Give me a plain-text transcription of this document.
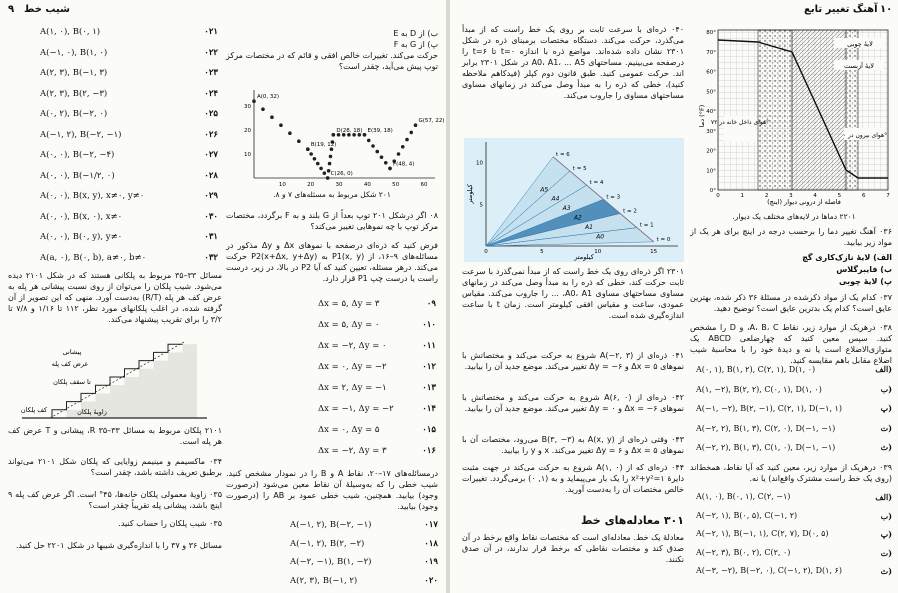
۹ شیب خط
A(۱, ۰), B(۰, ۱)	۰۲۱
A(−۱, ۰), B(۱, ۰)	۰۲۲
A(۲, ۳), B(−۱, ۳)	۰۲۳
A(۲, ۳), B(۲, −۳)	۰۲۴
A(۰, ۲), B(−۲, ۰)	۰۲۵
A(−۱, ۲), B(−۲, −۱)	۰۲۶
A(۰, ۰), B(−۲, −۴)	۰۲۷
A(۰, ۰), B(−۱/۲, ۰)	۰۲۸
A(۰, ۰), B(x, y), x≠۰, y≠۰	۰۲۹
A(۰, ۰), B(x, ۰), x≠۰	۰۳۰
A(۰, ۰), B(۰, y), y≠۰	۰۳۱
A(a, ۰), B(۰, b), a≠۰, b≠۰	۰۳۲
مسائل ۳۳–۳۵ مربوط به پلکانی هستند که در شکل ۲۱۰۱ دیده می‌شود. شیب پلکان را می‌توان از روی نسبت پیشانی هر پله به عرض کف هر پله (R/T) به‌دست آورد. منهی که این تصویر از آن گرفته شده، در اغلب پلکانهای مورد نظر، ۱۱۲ تا ۱/۱۶ و ۷/۸ تا ۳/۲ را برای تقریب پیشنهاد می‌کند.
پیشانی
عرض کف پله
تا سقف پلکان
کف پلکان	زاویهٔ پلکان
۲۱۰۱ پلکان مربوط به مسائل ۳۳–۳۵ R، پیشانی و T عرض کف هر پله است.
۰۳۴ ماکسیمم و مینیمم زوایایی که پلکان شکل ۲۱۰۱ می‌تواند برطبق تعریف داشته باشد، چقدر است؟
۰۳۵ زاویهٔ معمولی پلکان خانه‌ها، ۴۵° است. اگر عرض کف پله ۹ اینچ باشد، پیشانی پله تقریباً چقدر است؟
۰۳۵ شیب پلکان را حساب کنید.
مسائل ۳۶ و ۳۷ را با اندازه‌گیری شیبها در شکل ۲۲۰۱ حل کنید.
ب) از D به E
پ) از G به F
حرکت می‌کند. تغییرات خالص افقی و قائم که در مختصات مرکز توپ پیش می‌آید، چقدر است؟
10	20	30	40	50	60
10
20
30
A(0, 32)
D(28, 18) E(39, 18)
G(57, 22)
B(19, 12)
F(48, 4)
C(26, 0)
۲۰۱ شکل مربوط به مسئله‌های ۷ و ۸.
۰۸ اگر درشکل ۲۰۱ توپ بعداً از G بلند و به F برگردد، مختصات مرکز توپ با چه نموهایی تغییر می‌کند؟
فرض کنید که ذره‌ای درصفحه با نموهای Δx و Δy مذکور در مسائله‌های ۹–۱۶، از P1(x, y) به P2(x+Δx, y+Δy) حرکت می‌کند. درهر مسئله، تعیین کنید که آیا P2 در بالا، در زیر، درست راست یا درست چپ P1 قرار دارد.
Δx = ۵, Δy = ۳	۰۹
Δx = ۵, Δy = ۰	۰۱۰
Δx = −۲, Δy = ۰	۰۱۱
Δx = ۰, Δy = −۲	۰۱۲
Δx = ۲, Δy = −۱	۰۱۳
Δx = −۱, Δy = −۲	۰۱۴
Δx = ۰, Δy = ۵	۰۱۵
Δx = −۲, Δy = ۳	۰۱۶
درمسائله‌های ۱۷–۲۰، نقاط A و B را در نمودار مشخص کنید. شیب خطی را که به‌وسیلهٔ آن نقاط معین می‌شود (درصورت وجود) بیابید. همچنین، شیب خطی عمود بر AB را (درصورت وجود) بیابید.
A(−۱, ۲), B(−۲, −۱)	۰۱۷
A(−۱, ۲), B(۲, −۲)	۰۱۸
A(−۲, −۱), B(۱, −۲)	۰۱۹
A(۲, ۳), B(−۱, ۲)	۰۲۰
۱۰
آهنگ تغییر تابع
80°
70°
60°
50°
40°
30°
20°
10°
0°
0	1	2	3	4	5	6	7
لایهٔ چوبی
لایهٔ آزبست
هوای داخل خانه در ۷۲°
هوای بیرون در ۰°
فاصله از درونی دیوار (اینچ)
دما (°F)
۲۲۰۱ دماها در لایه‌های مختلف یک دیوار.
۰۳۶ آهنگ تغییر دما را برحسب درجه در اینچ برای هر یک از مواد زیر بیابید.
الف) لایهٔ نازک‌کاری گچ
ب) فایبرگلاس
پ) لایهٔ چوبی
۰۳۷ کدام یک از مواد ذکرشده در مسئلهٔ ۳۶ ذکر شده، بهترین عایق است؟ کدام یک بدترین عایق است؟ توضیح دهید.
۰۳۸ درهریک از موارد زیر، نقاط A، B، C، و D را مشخص کنید. سپس معین کنید که چهارضلعی ABCD یک متوازی‌الاضلاع است یا نه و دیدهٔ خود را با محاسبهٔ شیب اضلاع مقابل باهم مقایسه کنید.
A(۰, ۱), B(۱, ۲), C(۲, ۱), D(۱, ۰)	الف)
A(۱, −۲), B(۲, ۲), C(۰, ۱), D(۱, ۰)	ب)
A(−۱, −۲), B(۲, −۱), C(۲, ۱), D(−۱, ۱)	پ)
A(−۲, ۲), B(۱, ۳), C(۲, ۰), D(−۱, −۱)	ت)
A(−۲, ۲), B(۱, ۳), C(۱, ۰), D(−۱, −۱)	ث)
۰۳۹ درهریک از موارد زیر، معین کنید که آیا نقاط، همخط‌اند (روی یک خط راست مشترک واقع‌اند) یا نه.
A(۱, ۰), B(۰, ۱), C(۲, −۱)	الف)
A(−۲, ۱), B(۰, ۵), C(−۱, ۲)	ب)
A(−۲, ۱), B(−۱, ۱), C(۲, ۷), D(۰, ۵)	پ)
A(−۲, ۳), B(۰, ۲), C(۲, ۰)	ت)
A(−۳, −۲), B(−۲, ۰), C(−۱, ۲), D(۱, ۶)	ث)
۰۴۰ ذره‌ای با سرعت ثابت بر روی یک خط راست که از مبدأ می‌گذرد، حرکت می‌کند. دستگاه مختصات برمبنای ذره در شکل ۲۳۰۱ نشان داده شده‌اند. مواضع ذره با اندازه t=۰ تا t=۶ را درصفحه می‌بینیم. مساحتهای A0، A1، ... A5 در شکل ۲۳۰۱ برابر اند. حرکت عمومی کنید. طبق قانون دوم کپلر (فیدکاهم ملاحظه کنید)، خطی که ذره را به مبدأ وصل می‌کند در زمانهای مساوی مساحتهای مساوی را جاروب می‌کند.
0	5	10	15
5
10
A0
A1
A2
A3
A4
A5
t = 0
t = 1
t = 2
t = 3
t = 4
t = 5
t = 6
کیلومتر
کیلومتر
۲۳۰۱ اگر ذره‌ای روی یک خط راست که از مبدأ نمی‌گذرد با سرعت ثابت حرکت کند، خطی که ذره را به مبدأ وصل می‌کند در زمانهای مساوی مساحتهای مساوی A0، A1، ... را جاروب می‌کند. مقیاس عمودی، ساعت و مقیاس افقی کیلومتر است. زمان t با ساعت اندازه‌گیری شده است.
۰۴۱ ذره‌ای از A(−۲, ۳) شروع به حرکت می‌کند و مختصاتش با نموهای Δx = ۵ و Δy = −۶ تغییر می‌کند. موضع جدید آن را بیابید.
۰۴۲ ذره‌ای از A(۶, ۰) شروع به حرکت می‌کند و مختصاتش با نموهای Δx = −۶ و Δy = ۰ تغییر می‌کند. موضع جدید آن را بیابید.
۰۴۳ وقتی ذره‌ای از A(x, y) به B(۳, −۳) می‌رود، مختصات آن با نموهای Δx = ۵ و Δy = ۶ تغییر می‌کند. x و y را بیابید.
۰۴۴ ذره‌ای که از A(۱, ۰) شروع به حرکت می‌کند در جهت مثبت دایرهٔ x²+y²=۱ را یک بار می‌پیماید و به (۱, ۰) برمی‌گردد. تغییرات خالص مختصات آن را به‌دست آورید.
۳۰۱ معادله‌های خط
معادلهٔ یک خط. معادله‌ای است که مختصات نقاط واقع برخط در آن صدق کند و مختصات نقاطی که برخط قرار ندارند، در آن صدق نکنند.
